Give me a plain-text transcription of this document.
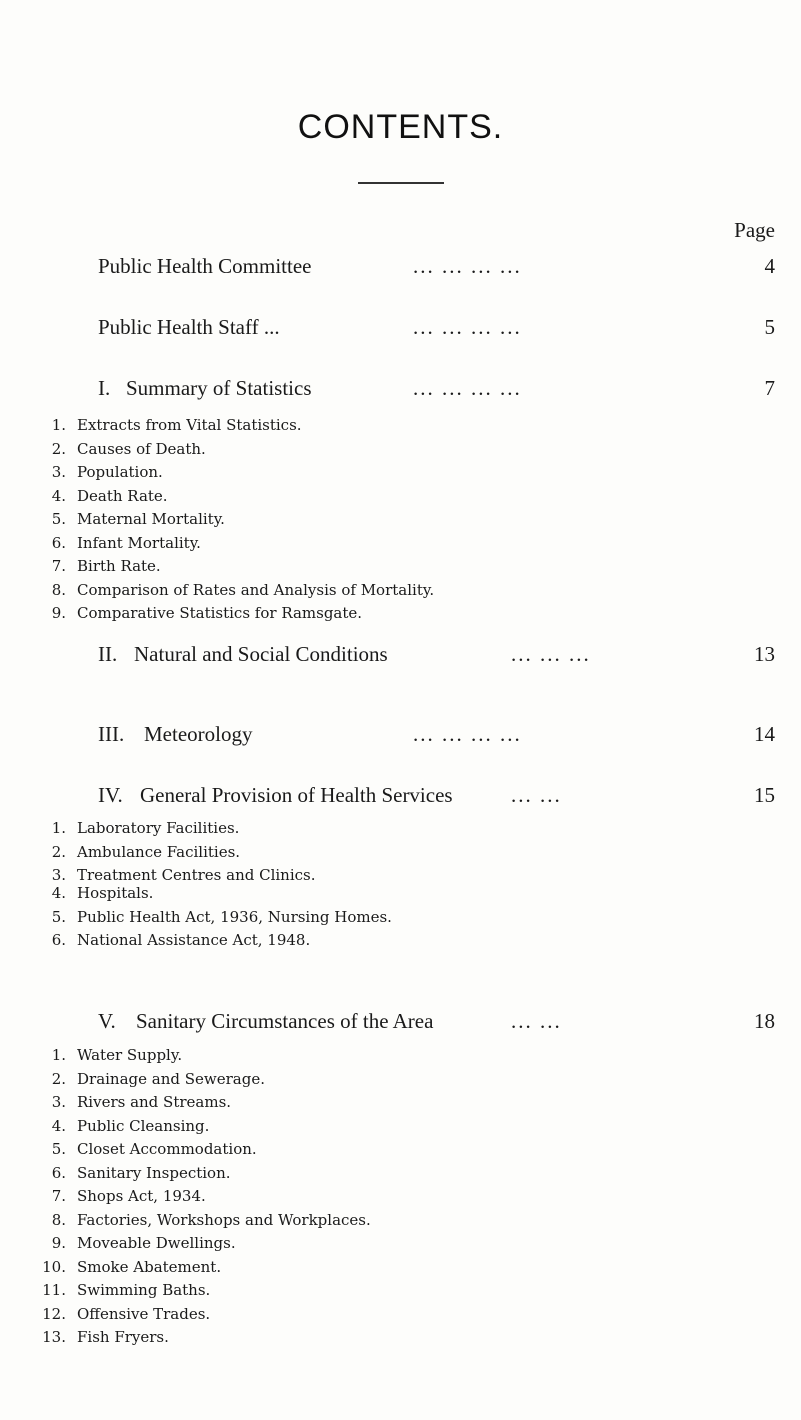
CONTENTS.
Page
Public Health Committee	... ... ... ...	4
Public Health Staff ...	... ... ... ...	5
I. Summary of Statistics	... ... ... ...	7
1. Extracts from Vital Statistics.
2. Causes of Death.
3. Population.
4. Death Rate.
5. Maternal Mortality.
6. Infant Mortality.
7. Birth Rate.
8. Comparison of Rates and Analysis of Mortality.
9. Comparative Statistics for Ramsgate.
II. Natural and Social Conditions	... ... ...	13
III. Meteorology	... ... ... ...	14
IV. General Provision of Health Services	... ...	15
1. Laboratory Facilities.
2. Ambulance Facilities.
3. Treatment Centres and Clinics.
4. Hospitals.
5. Public Health Act, 1936, Nursing Homes.
6. National Assistance Act, 1948.
V. Sanitary Circumstances of the Area	... ...	18
1. Water Supply.
2. Drainage and Sewerage.
3. Rivers and Streams.
4. Public Cleansing.
5. Closet Accommodation.
6. Sanitary Inspection.
7. Shops Act, 1934.
8. Factories, Workshops and Workplaces.
9. Moveable Dwellings.
10. Smoke Abatement.
11. Swimming Baths.
12. Offensive Trades.
13. Fish Fryers.
